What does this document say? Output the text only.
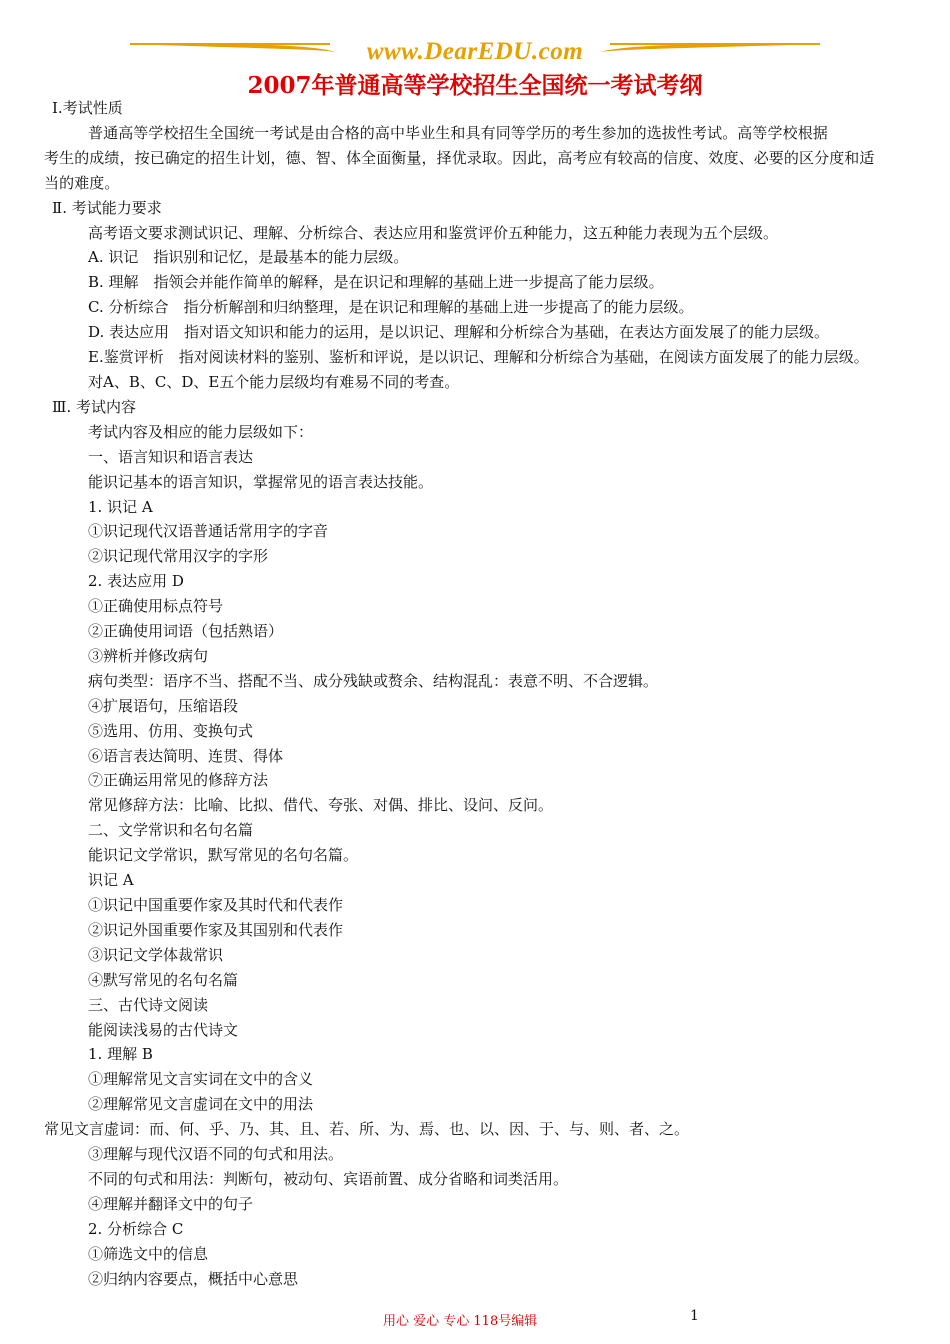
www.DearEDU.com
2007年普通高等学校招生全国统一考试考纲
Ⅰ.考试性质
普通高等学校招生全国统一考试是由合格的高中毕业生和具有同等学历的考生参加的选拔性考试。高等学校根据
考生的成绩，按已确定的招生计划，德、智、体全面衡量，择优录取。因此，高考应有较高的信度、效度、必要的区分度和适
当的难度。
Ⅱ. 考试能力要求
高考语文要求测试识记、理解、分析综合、表达应用和鉴赏评价五种能力，这五种能力表现为五个层级。
A. 识记　指识别和记忆，是最基本的能力层级。
B. 理解　指领会并能作简单的解释，是在识记和理解的基础上进一步提高了能力层级。
C. 分析综合　指分析解剖和归纳整理，是在识记和理解的基础上进一步提高了的能力层级。
D. 表达应用　指对语文知识和能力的运用，是以识记、理解和分析综合为基础，在表达方面发展了的能力层级。
E.鉴赏评析　指对阅读材料的鉴别、鉴析和评说，是以识记、理解和分析综合为基础，在阅读方面发展了的能力层级。
对A、B、C、D、E五个能力层级均有难易不同的考查。
Ⅲ. 考试内容
考试内容及相应的能力层级如下：
一、语言知识和语言表达
能识记基本的语言知识，掌握常见的语言表达技能。
1. 识记 A
①识记现代汉语普通话常用字的字音
②识记现代常用汉字的字形
2. 表达应用 D
①正确使用标点符号
②正确使用词语（包括熟语）
③辨析并修改病句
病句类型：语序不当、搭配不当、成分残缺或赘余、结构混乱：表意不明、不合逻辑。
④扩展语句，压缩语段
⑤选用、仿用、变换句式
⑥语言表达简明、连贯、得体
⑦正确运用常见的修辞方法
常见修辞方法：比喻、比拟、借代、夸张、对偶、排比、设问、反问。
二、文学常识和名句名篇
能识记文学常识，默写常见的名句名篇。
识记 A
①识记中国重要作家及其时代和代表作
②识记外国重要作家及其国别和代表作
③识记文学体裁常识
④默写常见的名句名篇
三、古代诗文阅读
能阅读浅易的古代诗文
1. 理解 B
①理解常见文言实词在文中的含义
②理解常见文言虚词在文中的用法
常见文言虚词：而、何、乎、乃、其、且、若、所、为、焉、也、以、因、于、与、则、者、之。
③理解与现代汉语不同的句式和用法。
不同的句式和用法：判断句，被动句、宾语前置、成分省略和词类活用。
④理解并翻译文中的句子
2. 分析综合 C
①筛选文中的信息
②归纳内容要点，概括中心意思
用心 爱心 专心 118号编辑	1
